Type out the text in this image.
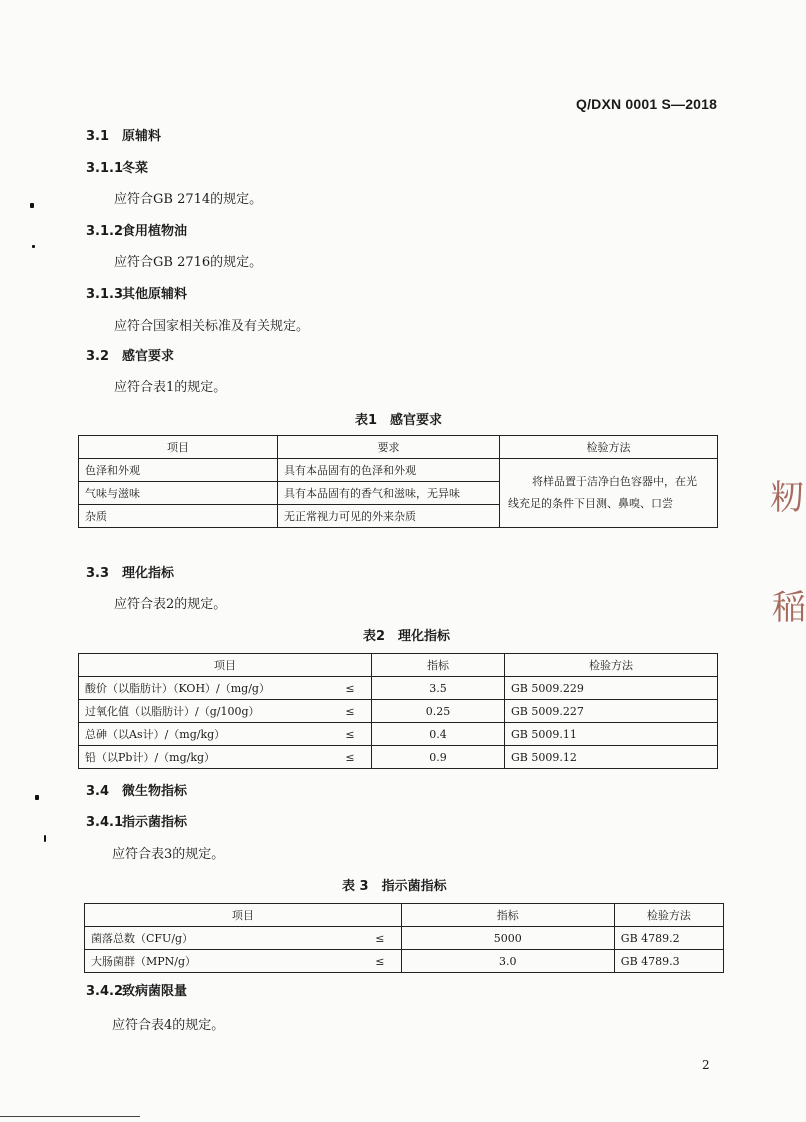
Q/DXN 0001 S—2018
3.1 原辅料
3.1.1冬菜
应符合GB 2714的规定。
3.1.2食用植物油
应符合GB 2716的规定。
3.1.3其他原辅料
应符合国家相关标准及有关规定。
3.2 感官要求
应符合表1的规定。
表1　感官要求
项目	要求	检验方法
色泽和外观	具有本品固有的色泽和外观	将样品置于洁净白色容器中，在光
线充足的条件下目测、鼻嗅、口尝

气味与滋味	具有本品固有的香气和滋味，无异味	
杂质	无正常视力可见的外来杂质	
3.3 理化指标
应符合表2的规定。
表2　理化指标
项目		指标	检验方法
酸价（以脂肪计）（KOH）/（mg/g）	≤	3.5	GB 5009.229
过氧化值（以脂肪计）/（g/100g）	≤	0.25	GB 5009.227
总砷（以As计）/（mg/kg）	≤	0.4	GB 5009.11
铅（以Pb计）/（mg/kg）	≤	0.9	GB 5009.12
3.4 微生物指标
3.4.1指示菌指标
应符合表3的规定。
表 3　指示菌指标
项目		指标	检验方法
菌落总数（CFU/g）	≤	5000	GB 4789.2
大肠菌群（MPN/g）	≤	3.0	GB 4789.3
3.4.2致病菌限量
应符合表4的规定。
2
籾
稲
